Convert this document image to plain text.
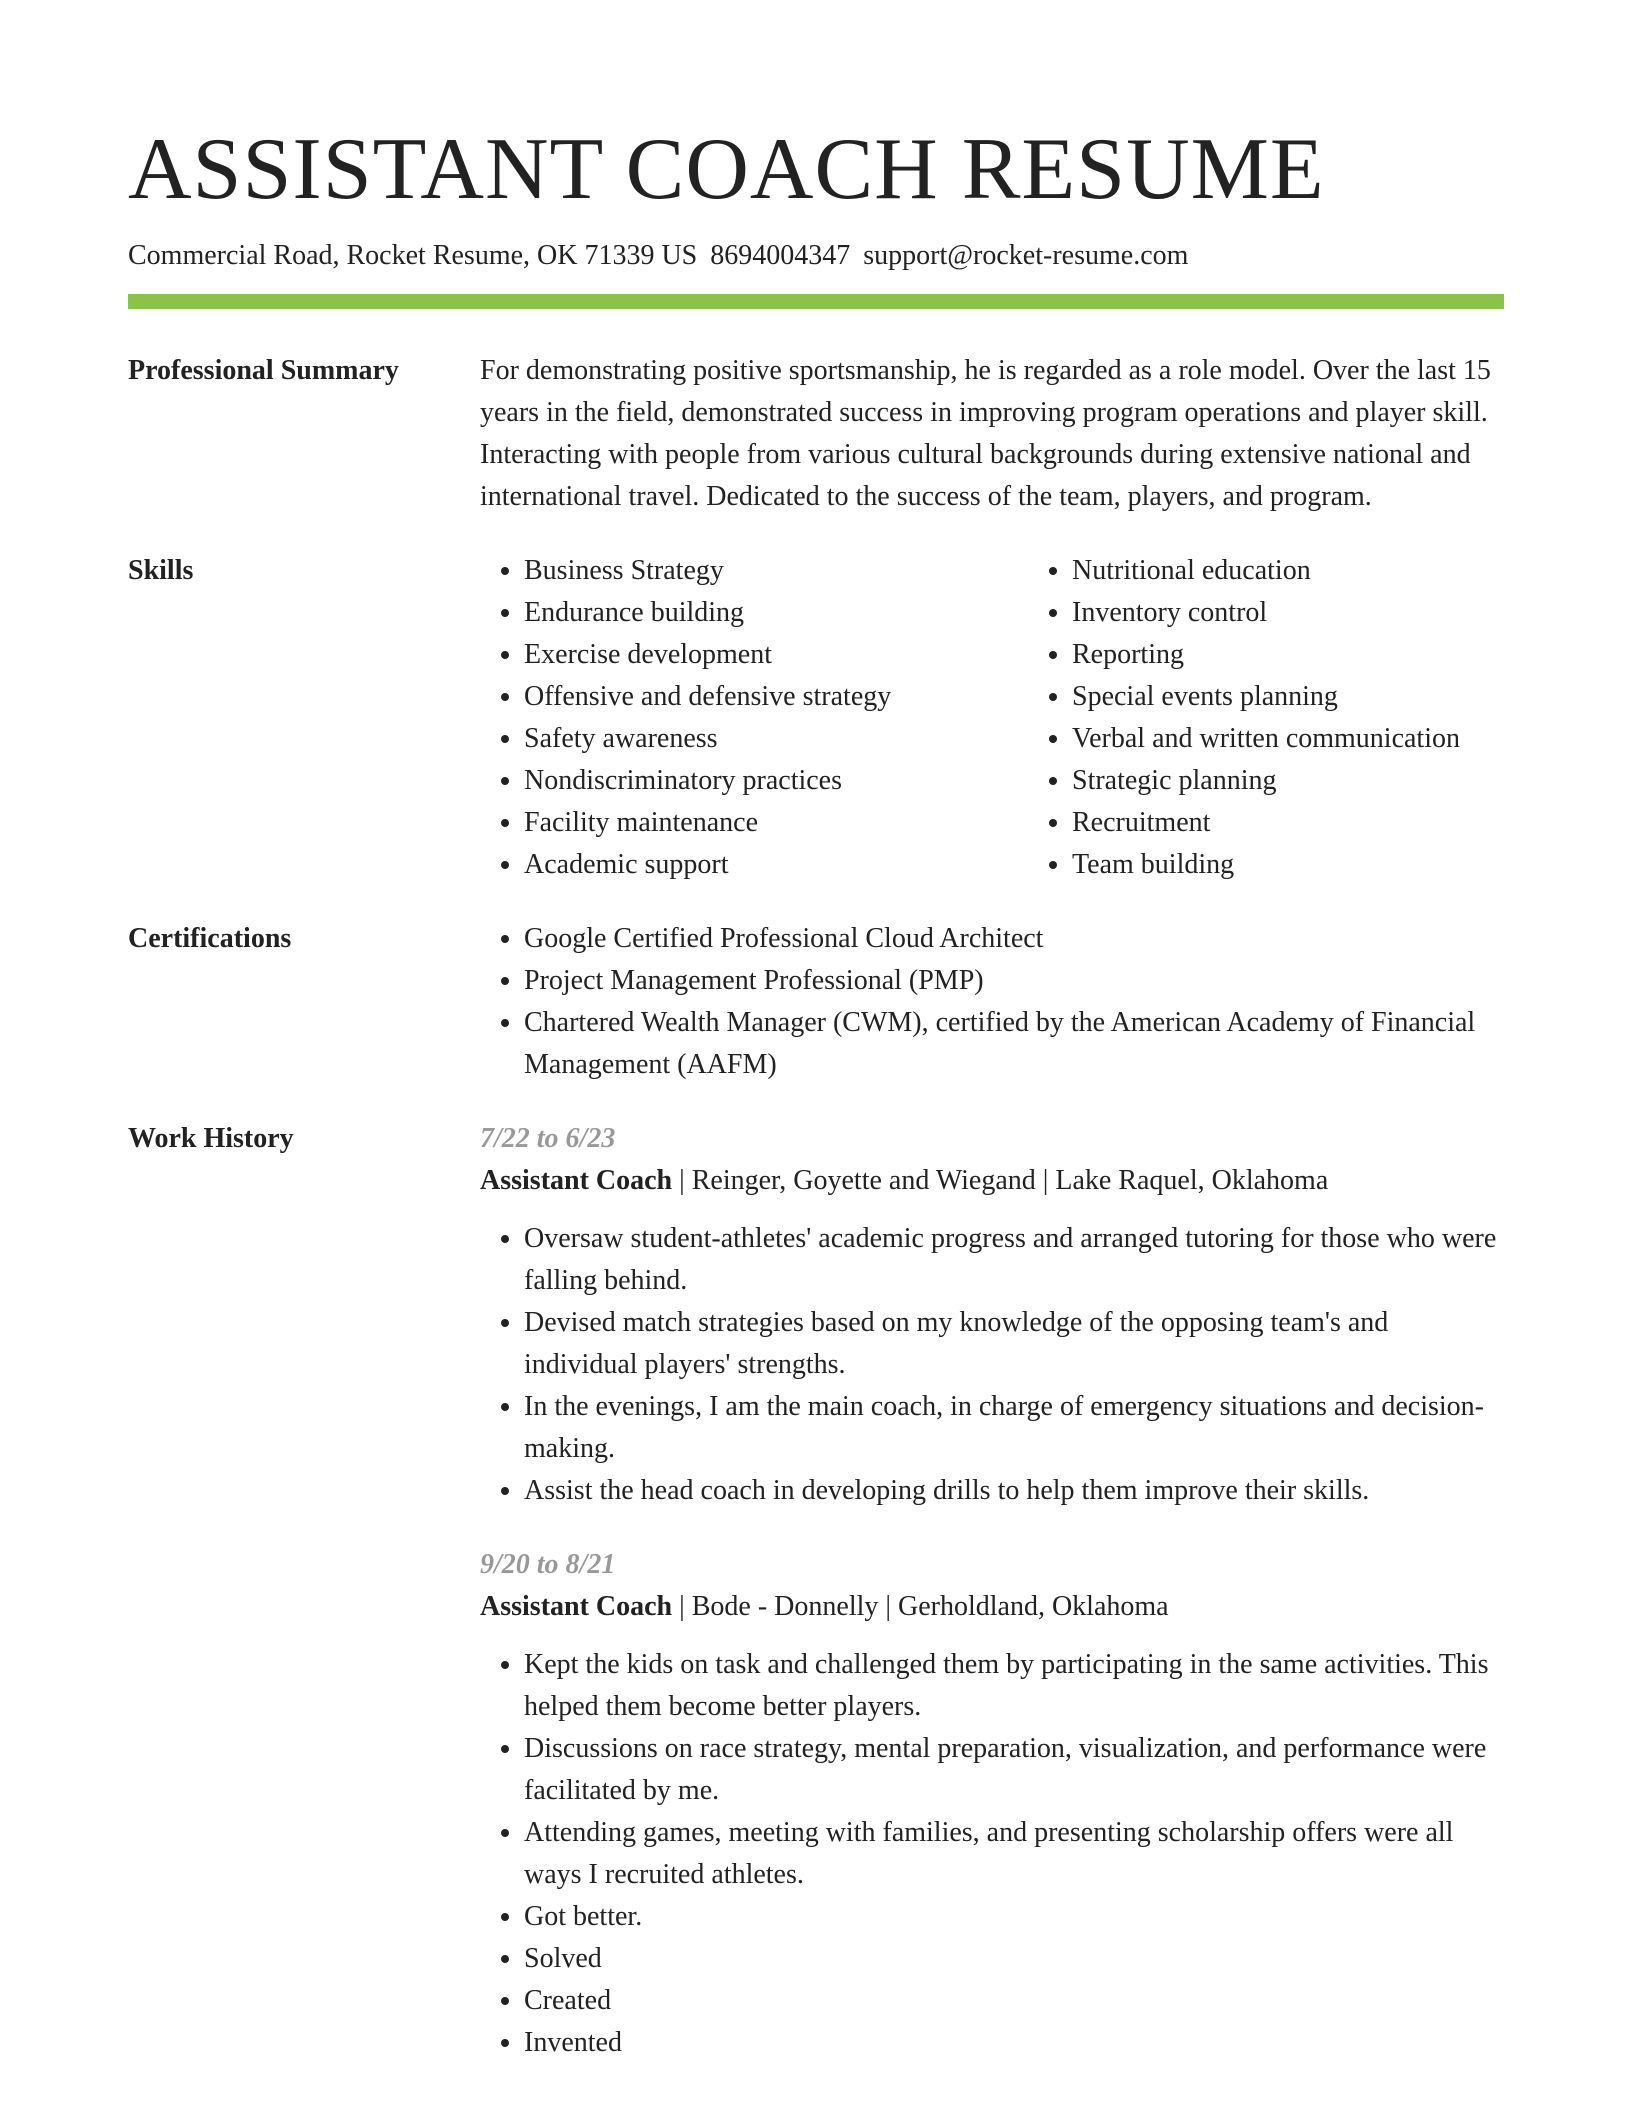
ASSISTANT COACH RESUME
Commercial Road, Rocket Resume, OK 71339 US 8694004347 support@rocket-resume.com
Professional Summary	For demonstrating positive sportsmanship, he is regarded as a role model. Over the last 15 years in the field, demonstrated success in improving program operations and player skill. Interacting with people from various cultural backgrounds during extensive national and international travel. Dedicated to the success of the team, players, and program.

Skills	• Business Strategy
• Endurance building
• Exercise development
• Offensive and defensive strategy
• Safety awareness
• Nondiscriminatory practices
• Facility maintenance
• Academic support
• Nutritional education
• Inventory control
• Reporting
• Special events planning
• Verbal and written communication
• Strategic planning
• Recruitment
• Team building
Certifications	• Google Certified Professional Cloud Architect
• Project Management Professional (PMP)
• Chartered Wealth Manager (CWM), certified by the American Academy of Financial Management (AAFM)
Work History	7/22 to 6/23
Assistant Coach | Reinger, Goyette and Wiegand | Lake Raquel, Oklahoma
• Oversaw student-athletes' academic progress and arranged tutoring for those who were falling behind.
• Devised match strategies based on my knowledge of the opposing team's and individual players' strengths.
• In the evenings, I am the main coach, in charge of emergency situations and decision-making.
• Assist the head coach in developing drills to help them improve their skills.
9/20 to 8/21
Assistant Coach | Bode - Donnelly | Gerholdland, Oklahoma
• Kept the kids on task and challenged them by participating in the same activities. This helped them become better players.
• Discussions on race strategy, mental preparation, visualization, and performance were facilitated by me.
• Attending games, meeting with families, and presenting scholarship offers were all ways I recruited athletes.
• Got better.
• Solved
• Created
• Invented
